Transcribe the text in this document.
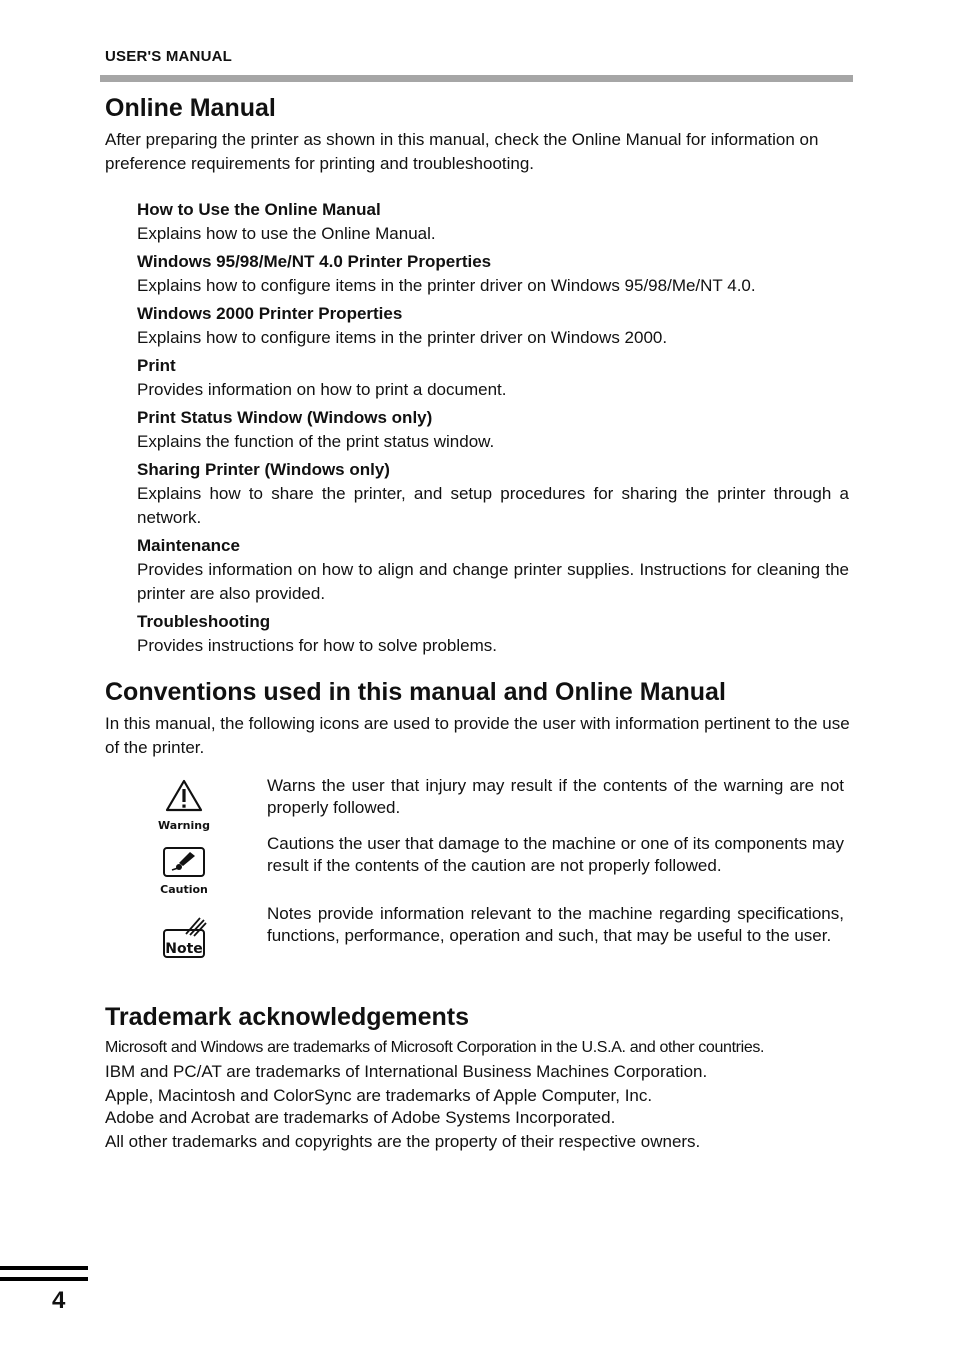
USER'S MANUAL
Online Manual
After preparing the printer as shown in this manual, check the Online Manual for information on preference requirements for printing and troubleshooting.
How to Use the Online Manual
Explains how to use the Online Manual.
Windows 95/98/Me/NT 4.0 Printer Properties
Explains how to configure items in the printer driver on Windows 95/98/Me/NT 4.0.
Windows 2000 Printer Properties
Explains how to configure items in the printer driver on Windows 2000.
Print
Provides information on how to print a document.
Print Status Window (Windows only)
Explains the function of the print status window.
Sharing Printer (Windows only)
Explains how to share the printer, and setup procedures for sharing the printer through a network.
Maintenance
Provides information on how to align and change printer supplies. Instructions for cleaning the printer are also provided.
Troubleshooting
Provides instructions for how to solve problems.
Conventions used in this manual and Online Manual
In this manual, the following icons are used to provide the user with information pertinent to the use of the printer.
Warning
Warns the user that injury may result if the contents of the warning are not properly followed.
Caution
Cautions the user that damage to the machine or one of its components may result if the contents of the caution are not properly followed.
Note
Notes provide information relevant to the machine regarding specifications, functions, performance, operation and such, that may be useful to the user.
Trademark acknowledgements
Microsoft and Windows are trademarks of Microsoft Corporation in the U.S.A. and other countries.
IBM and PC/AT are trademarks of International Business Machines Corporation.
Apple, Macintosh and ColorSync are trademarks of Apple Computer, Inc.
Adobe and Acrobat are trademarks of Adobe Systems Incorporated.
All other trademarks and copyrights are the property of their respective owners.
4
